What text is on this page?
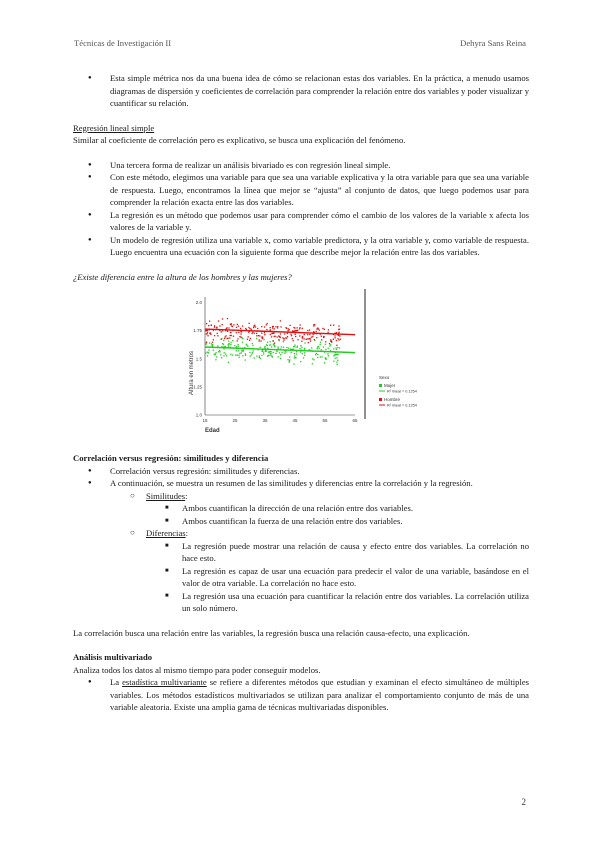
Técnicas de Investigación II	Dehyra Sans Reina
● Esta simple métrica nos da una buena idea de cómo se relacionan estas dos variables. En la práctica, a menudo usamos diagramas de dispersión y coeficientes de correlación para comprender la relación entre dos variables y poder visualizar y cuantificar su relación.

Regresión lineal simple

Similar al coeficiente de correlación pero es explicativo, se busca una explicación del fenómeno.

● Una tercera forma de realizar un análisis bivariado es con regresión lineal simple.
● Con este método, elegimos una variable para que sea una variable explicativa y la otra variable para que sea una variable de respuesta. Luego, encontramos la línea que mejor se “ajusta” al conjunto de datos, que luego podemos usar para comprender la relación exacta entre las dos variables.
● La regresión es un método que podemos usar para comprender cómo el cambio de los valores de la variable x afecta los valores de la variable y.
● Un modelo de regresión utiliza una variable x, como variable predictora, y la otra variable y, como variable de respuesta. Luego encuentra una ecuación con la siguiente forma que describe mejor la relación entre las dos variables.

¿Existe diferencia entre la altura de los hombres y las mujeres?

15	25	35	45	55	65
1.0
1.25
1.5
1.75
2.0
Edad
Altura en metros	Sexo
Mujer
R² lineal = 0.1254
Hombre
R² lineal = 0.1254

Correlación versus regresión: similitudes y diferencia

● Correlación versus regresión: similitudes y diferencias.
● A continuación, se muestra un resumen de las similitudes y diferencias entre la correlación y la regresión.
○ Similitudes:
■ Ambos cuantifican la dirección de una relación entre dos variables.
■ Ambos cuantifican la fuerza de una relación entre dos variables.
○ Diferencias:
■ La regresión puede mostrar una relación de causa y efecto entre dos variables. La correlación no hace esto.
■ La regresión es capaz de usar una ecuación para predecir el valor de una variable, basándose en el valor de otra variable. La correlación no hace esto.
■ La regresión usa una ecuación para cuantificar la relación entre dos variables. La correlación utiliza un solo número.

La correlación busca una relación entre las variables, la regresión busca una relación causa-efecto, una explicación.

Análisis multivariado

Analiza todos los datos al mismo tiempo para poder conseguir modelos.

● La estadística multivariante se refiere a diferentes métodos que estudian y examinan el efecto simultáneo de múltiples variables. Los métodos estadísticos multivariados se utilizan para analizar el comportamiento conjunto de más de una variable aleatoria. Existe una amplia gama de técnicas multivariadas disponibles.
2
